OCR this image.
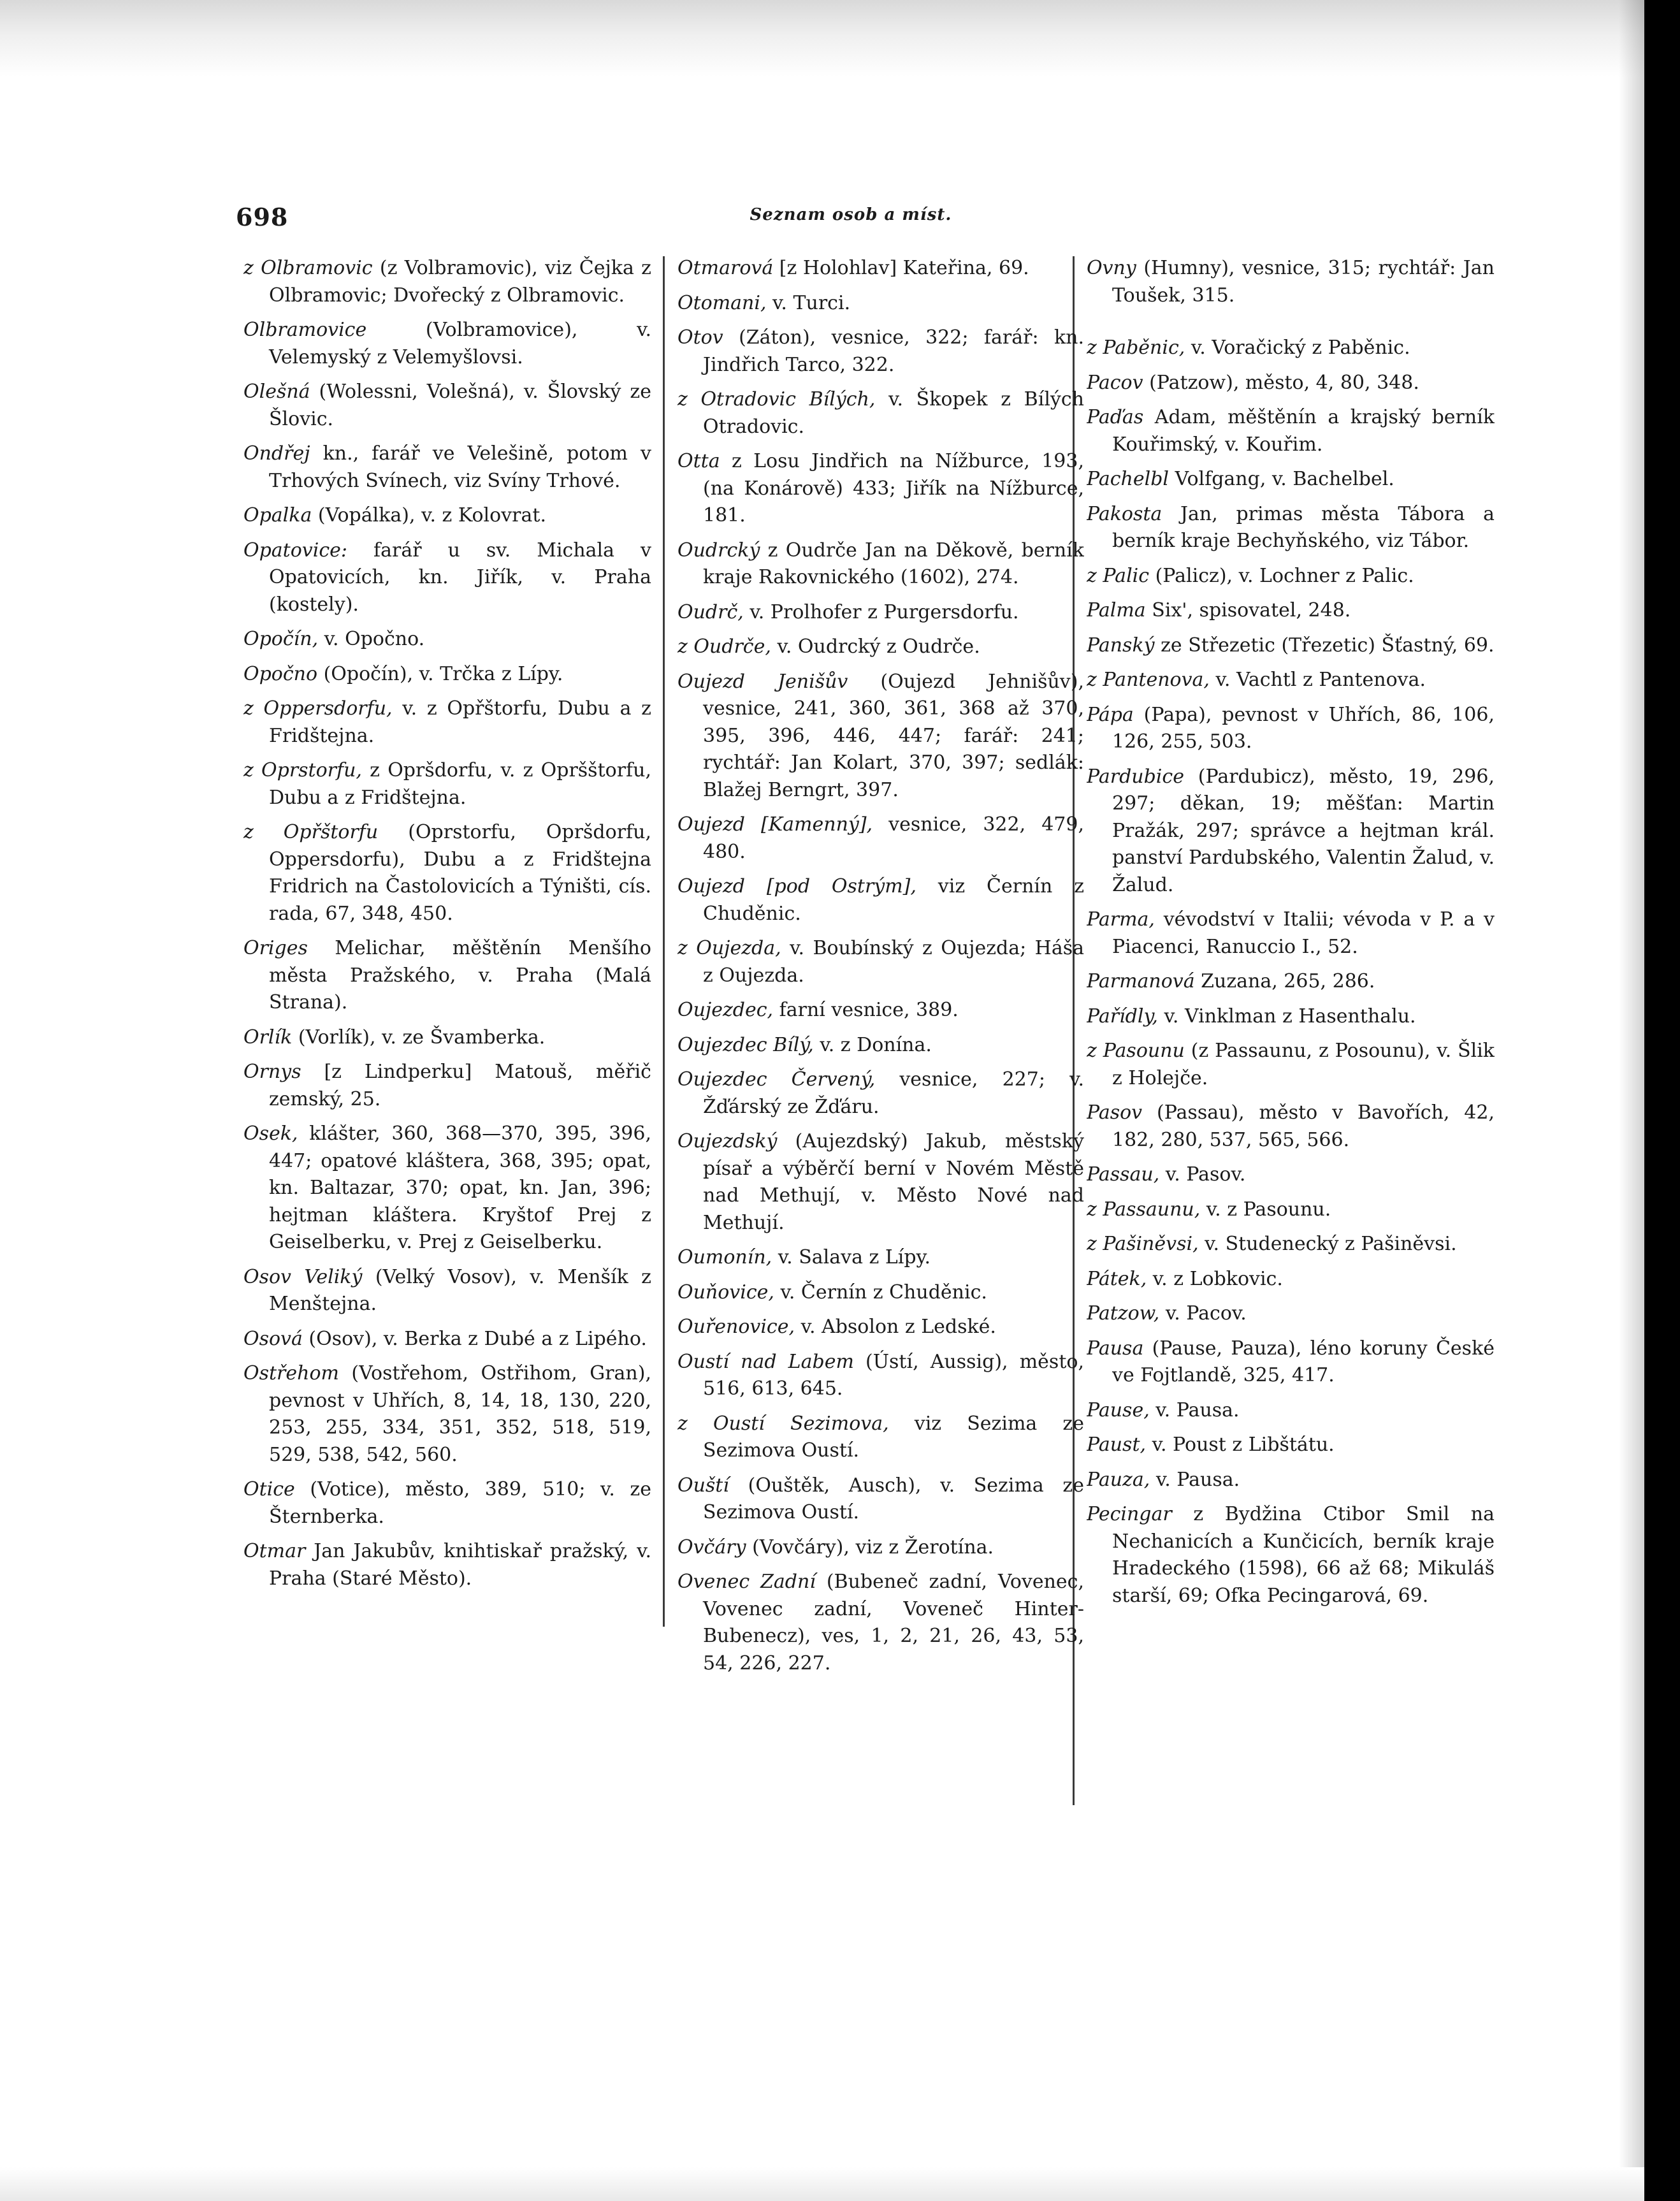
698	Seznam osob a míst.

z Olbramovic (z Volbramovic), viz Čejka z Olbramovic; Dvořecký z Olbramovic.

Olbramovice (Volbramovice), v. Velemyský z Velemyšlovsi.

Olešná (Wolessni, Volešná), v. Šlovský ze Šlovic.

Ondřej kn., farář ve Velešině, potom v Trhových Svínech, viz Svíny Trhové.

Opalka (Vopálka), v. z Kolovrat.

Opatovice: farář u sv. Michala v Opatovicích, kn. Jiřík, v. Praha (kostely).

Opočín, v. Opočno.

Opočno (Opočín), v. Trčka z Lípy.

z Oppersdorfu, v. z Opřštorfu, Dubu a z Fridštejna.

z Oprstorfu, z Opršdorfu, v. z Opršštorfu, Dubu a z Fridštejna.

z Opřštorfu (Oprstorfu, Opršdorfu, Oppersdorfu), Dubu a z Fridštejna Fridrich na Častolovicích a Týništi, cís. rada, 67, 348, 450.

Origes Melichar, měštěnín Menšího města Pražského, v. Praha (Malá Strana).

Orlík (Vorlík), v. ze Švamberka.

Ornys [z Lindperku] Matouš, měřič zemský, 25.

Osek, klášter, 360, 368—370, 395, 396, 447; opatové kláštera, 368, 395; opat, kn. Baltazar, 370; opat, kn. Jan, 396; hejtman kláštera. Kryštof Prej z Geiselberku, v. Prej z Geiselberku.

Osov Veliký (Velký Vosov), v. Menšík z Menštejna.

Osová (Osov), v. Berka z Dubé a z Lipého.

Ostřehom (Vostřehom, Ostřihom, Gran), pevnost v Uhřích, 8, 14, 18, 130, 220, 253, 255, 334, 351, 352, 518, 519, 529, 538, 542, 560.

Otice (Votice), město, 389, 510; v. ze Šternberka.

Otmar Jan Jakubův, knihtiskař pražský, v. Praha (Staré Město).

Otmarová [z Holohlav] Kateřina, 69.

Otomani, v. Turci.

Otov (Záton), vesnice, 322; farář: kn. Jindřich Tarco, 322.

z Otradovic Bílých, v. Škopek z Bílých Otradovic.

Otta z Losu Jindřich na Nížburce, 193, (na Konárově) 433; Jiřík na Nížburce, 181.

Oudrcký z Oudrče Jan na Děkově, berník kraje Rakovnického (1602), 274.

Oudrč, v. Prolhofer z Purgersdorfu.

z Oudrče, v. Oudrcký z Oudrče.

Oujezd Jenišův (Oujezd Jehnišův), vesnice, 241, 360, 361, 368 až 370, 395, 396, 446, 447; farář: 241; rychtář: Jan Kolart, 370, 397; sedlák: Blažej Berngrt, 397.

Oujezd [Kamenný], vesnice, 322, 479, 480.

Oujezd [pod Ostrým], viz Černín z Chuděnic.

z Oujezda, v. Boubínský z Oujezda; Háša z Oujezda.

Oujezdec, farní vesnice, 389.

Oujezdec Bílý, v. z Donína.

Oujezdec Červený, vesnice, 227; v. Žďárský ze Žďáru.

Oujezdský (Aujezdský) Jakub, městský písař a výběrčí berní v Novém Městě nad Methují, v. Město Nové nad Methují.

Oumonín, v. Salava z Lípy.

Ouňovice, v. Černín z Chuděnic.

Ouřenovice, v. Absolon z Ledské.

Oustí nad Labem (Ústí, Aussig), město, 516, 613, 645.

z Oustí Sezimova, viz Sezima ze Sezimova Oustí.

Ouští (Ouštěk, Ausch), v. Sezima ze Sezimova Oustí.

Ovčáry (Vovčáry), viz z Žerotína.

Ovenec Zadní (Bubeneč zadní, Vovenec, Vovenec zadní, Voveneč Hinter-Bubenecz), ves, 1, 2, 21, 26, 43, 53, 54, 226, 227.

Ovny (Humny), vesnice, 315; rychtář: Jan Toušek, 315.

z Paběnic, v. Voračický z Paběnic.

Pacov (Patzow), město, 4, 80, 348.

Paďas Adam, měštěnín a krajský berník Kouřimský, v. Kouřim.

Pachelbl Volfgang, v. Bachelbel.

Pakosta Jan, primas města Tábora a berník kraje Bechyňského, viz Tábor.

z Palic (Palicz), v. Lochner z Palic.

Palma Six', spisovatel, 248.

Panský ze Střezetic (Třezetic) Šťastný, 69.

z Pantenova, v. Vachtl z Pantenova.

Pápa (Papa), pevnost v Uhřích, 86, 106, 126, 255, 503.

Pardubice (Pardubicz), město, 19, 296, 297; děkan, 19; měšťan: Martin Pražák, 297; správce a hejtman král. panství Pardubského, Valentin Žalud, v. Žalud.

Parma, vévodství v Italii; vévoda v P. a v Piacenci, Ranuccio I., 52.

Parmanová Zuzana, 265, 286.

Pařídly, v. Vinklman z Hasenthalu.

z Pasounu (z Passaunu, z Posounu), v. Šlik z Holejče.

Pasov (Passau), město v Bavořích, 42, 182, 280, 537, 565, 566.

Passau, v. Pasov.

z Passaunu, v. z Pasounu.

z Pašiněvsi, v. Studenecký z Pašiněvsi.

Pátek, v. z Lobkovic.

Patzow, v. Pacov.

Pausa (Pause, Pauza), léno koruny České ve Fojtlandě, 325, 417.

Pause, v. Pausa.

Paust, v. Poust z Libštátu.

Pauza, v. Pausa.

Pecingar z Bydžina Ctibor Smil na Nechanicích a Kunčicích, berník kraje Hradeckého (1598), 66 až 68; Mikuláš starší, 69; Ofka Pecingarová, 69.
